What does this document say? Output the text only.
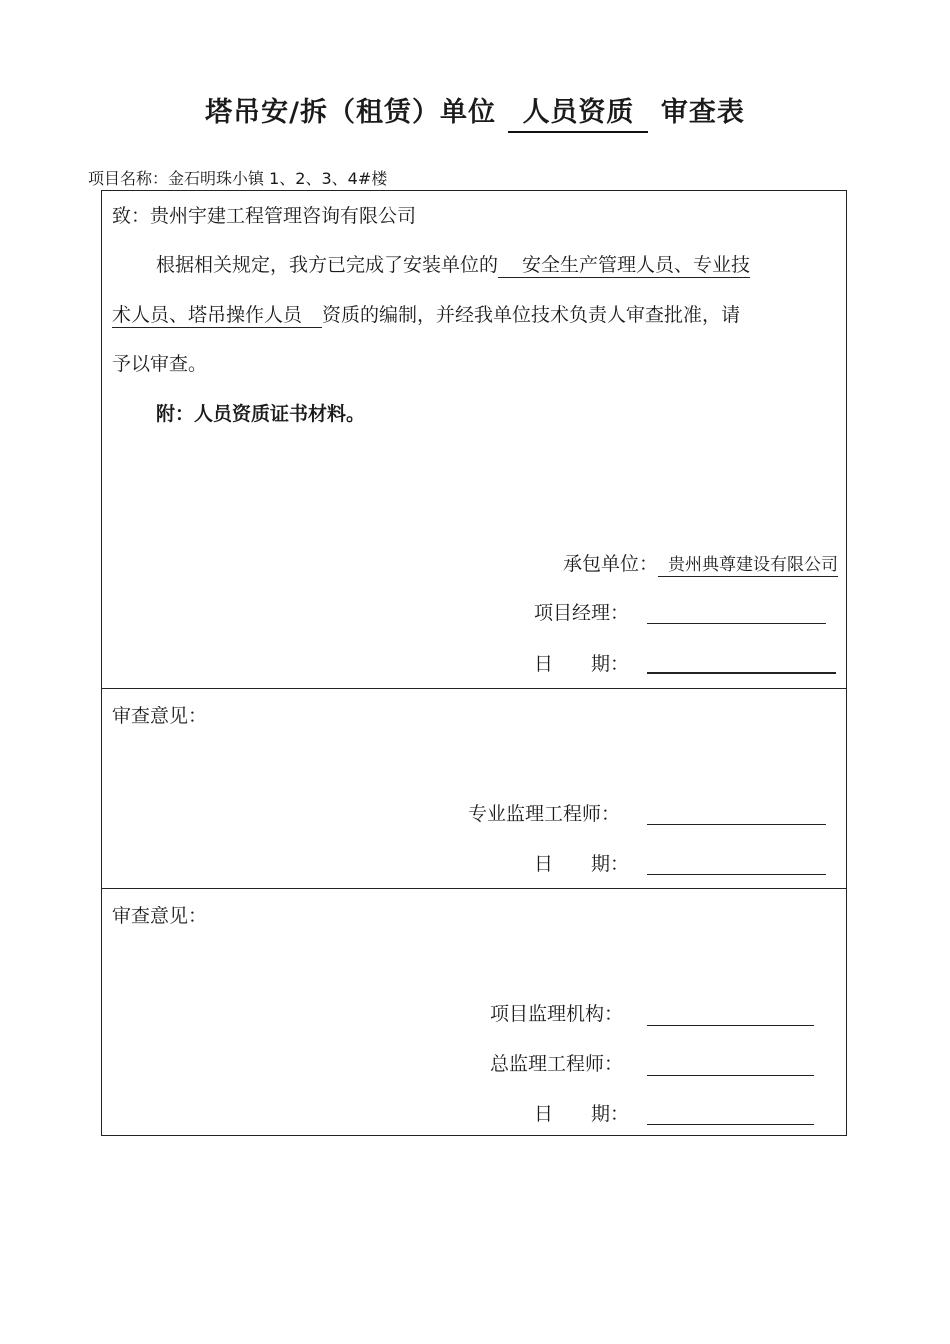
塔吊安/拆（租赁）单位 人员资质 审查表
项目名称：金石明珠小镇 1、2、3、4#楼
致：贵州宇建工程管理咨询有限公司
根据相关规定，我方已完成了安装单位的 安全生产管理人员、专业技
术人员、塔吊操作人员 资质的编制，并经我单位技术负责人审查批准，请
予以审查。
附：人员资质证书材料。
承包单位： 贵州典尊建设有限公司
项目经理：
日　　期：
审查意见：
专业监理工程师：
日　　期：
审查意见：
项目监理机构：
总监理工程师：
日　　期：
